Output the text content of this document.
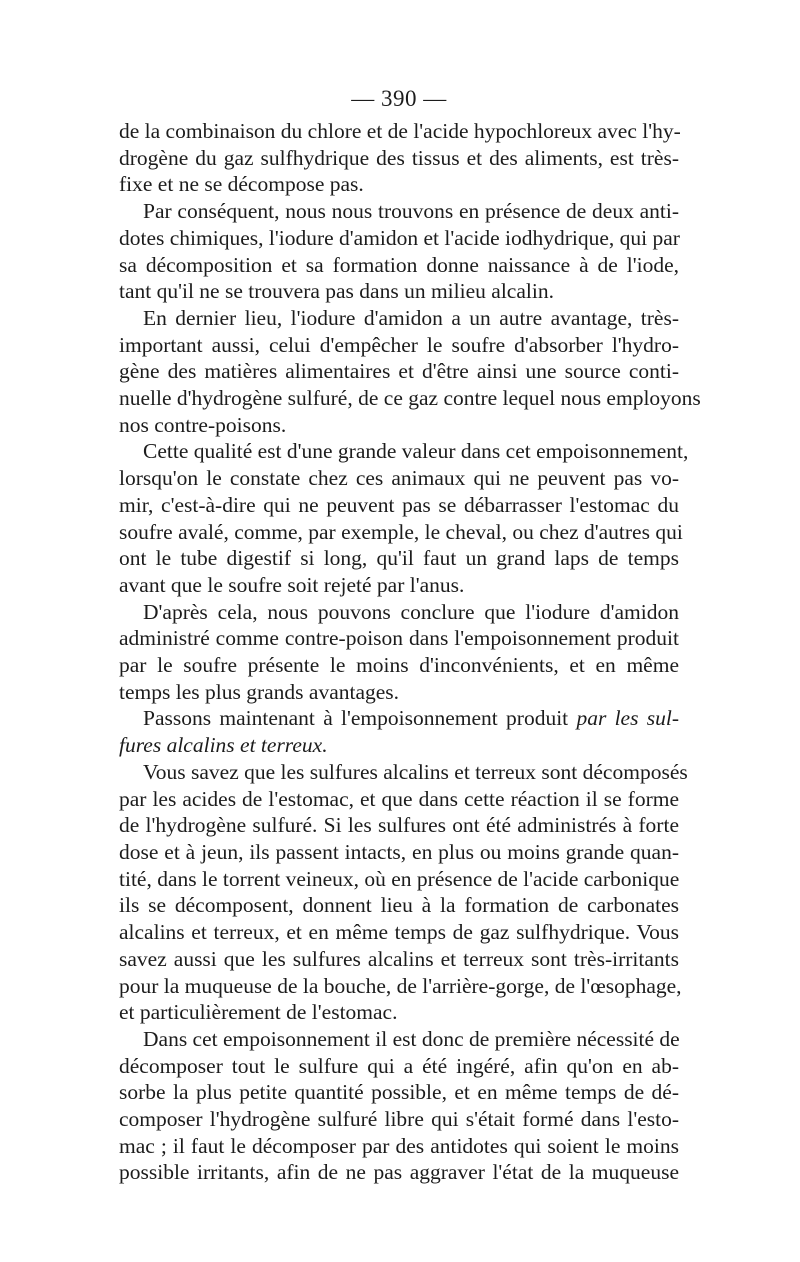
— 390 —
de la combinaison du chlore et de l'acide hypochloreux avec l'hy-
drogène du gaz sulfhydrique des tissus et des aliments, est très-
fixe et ne se décompose pas.
Par conséquent, nous nous trouvons en présence de deux anti-
dotes chimiques, l'iodure d'amidon et l'acide iodhydrique, qui par
sa décomposition et sa formation donne naissance à de l'iode,
tant qu'il ne se trouvera pas dans un milieu alcalin.
En dernier lieu, l'iodure d'amidon a un autre avantage, très-
important aussi, celui d'empêcher le soufre d'absorber l'hydro-
gène des matières alimentaires et d'être ainsi une source conti-
nuelle d'hydrogène sulfuré, de ce gaz contre lequel nous employons
nos contre-poisons.
Cette qualité est d'une grande valeur dans cet empoisonnement,
lorsqu'on le constate chez ces animaux qui ne peuvent pas vo-
mir, c'est-à-dire qui ne peuvent pas se débarrasser l'estomac du
soufre avalé, comme, par exemple, le cheval, ou chez d'autres qui
ont le tube digestif si long, qu'il faut un grand laps de temps
avant que le soufre soit rejeté par l'anus.
D'après cela, nous pouvons conclure que l'iodure d'amidon
administré comme contre-poison dans l'empoisonnement produit
par le soufre présente le moins d'inconvénients, et en même
temps les plus grands avantages.
Passons maintenant à l'empoisonnement produit par les sul-
fures alcalins et terreux.
Vous savez que les sulfures alcalins et terreux sont décomposés
par les acides de l'estomac, et que dans cette réaction il se forme
de l'hydrogène sulfuré. Si les sulfures ont été administrés à forte
dose et à jeun, ils passent intacts, en plus ou moins grande quan-
tité, dans le torrent veineux, où en présence de l'acide carbonique
ils se décomposent, donnent lieu à la formation de carbonates
alcalins et terreux, et en même temps de gaz sulfhydrique. Vous
savez aussi que les sulfures alcalins et terreux sont très-irritants
pour la muqueuse de la bouche, de l'arrière-gorge, de l'œsophage,
et particulièrement de l'estomac.
Dans cet empoisonnement il est donc de première nécessité de
décomposer tout le sulfure qui a été ingéré, afin qu'on en ab-
sorbe la plus petite quantité possible, et en même temps de dé-
composer l'hydrogène sulfuré libre qui s'était formé dans l'esto-
mac ; il faut le décomposer par des antidotes qui soient le moins
possible irritants, afin de ne pas aggraver l'état de la muqueuse
